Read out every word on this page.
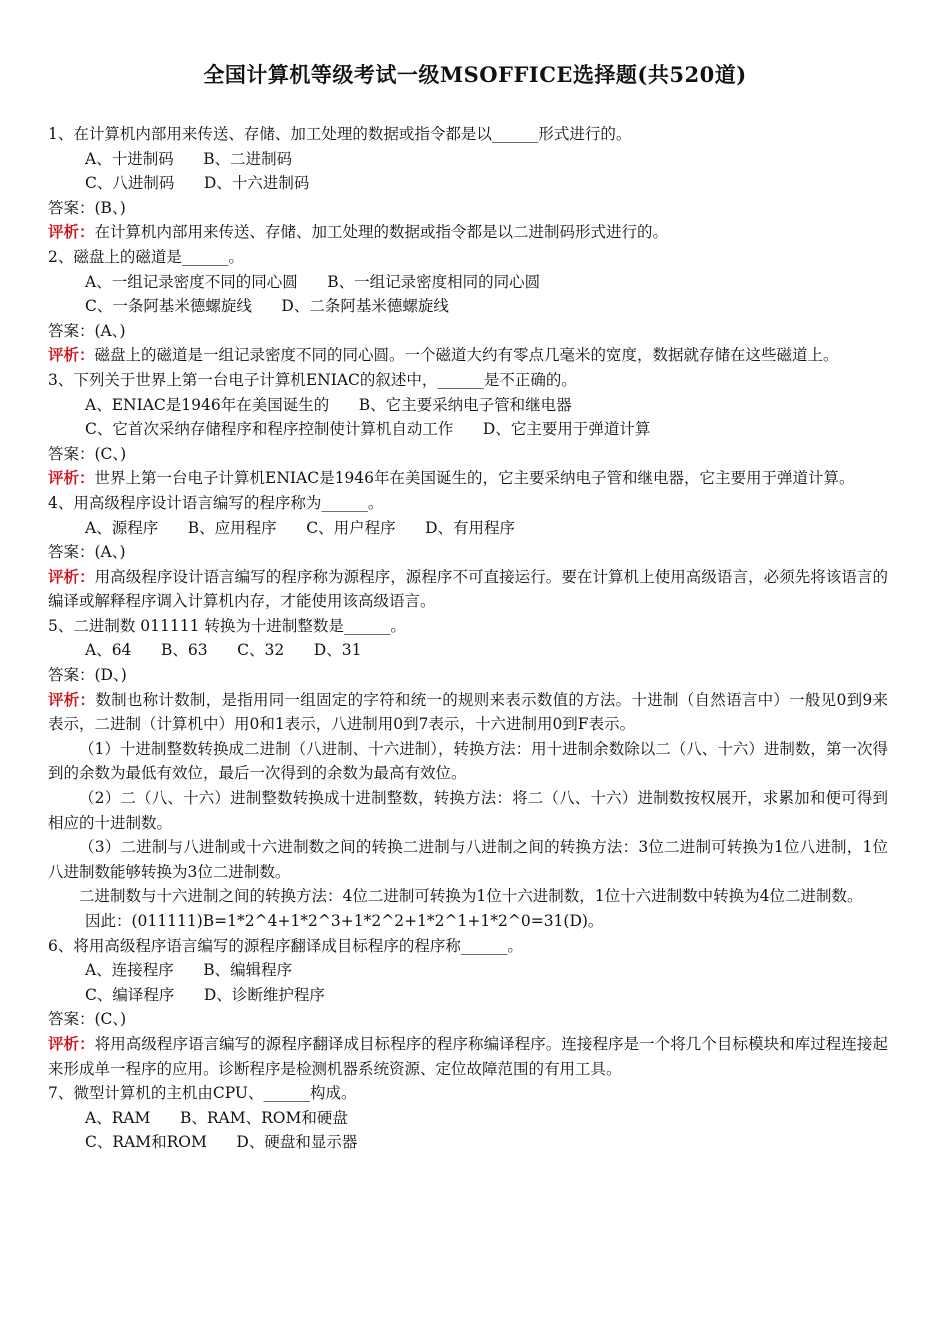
全国计算机等级考试一级MSOFFICE选择题(共520道)

1、在计算机内部用来传送、存储、加工处理的数据或指令都是以______形式进行的。

A、十进制码      B、二进制码

C、八进制码      D、十六进制码

答案：(B、)

评析：在计算机内部用来传送、存储、加工处理的数据或指令都是以二进制码形式进行的。

2、磁盘上的磁道是______。

A、一组记录密度不同的同心圆      B、一组记录密度相同的同心圆

C、一条阿基米德螺旋线      D、二条阿基米德螺旋线

答案：(A、)

评析：磁盘上的磁道是一组记录密度不同的同心圆。一个磁道大约有零点几毫米的宽度，数据就存储在这些磁道上。

3、下列关于世界上第一台电子计算机ENIAC的叙述中，______是不正确的。

A、ENIAC是1946年在美国诞生的      B、它主要采纳电子管和继电器

C、它首次采纳存储程序和程序控制使计算机自动工作      D、它主要用于弹道计算

答案：(C、)

评析：世界上第一台电子计算机ENIAC是1946年在美国诞生的，它主要采纳电子管和继电器，它主要用于弹道计算。

4、用高级程序设计语言编写的程序称为______。

A、源程序      B、应用程序      C、用户程序      D、有用程序

答案：(A、)

评析：用高级程序设计语言编写的程序称为源程序，源程序不可直接运行。要在计算机上使用高级语言，必须先将该语言的编译或解释程序调入计算机内存，才能使用该高级语言。

5、二进制数 011111 转换为十进制整数是______。

A、64      B、63      C、32      D、31

答案：(D、)

评析：数制也称计数制，是指用同一组固定的字符和统一的规则来表示数值的方法。十进制（自然语言中）一般见0到9来表示，二进制（计算机中）用0和1表示，八进制用0到7表示，十六进制用0到F表示。

（1）十进制整数转换成二进制（八进制、十六进制），转换方法：用十进制余数除以二（八、十六）进制数，第一次得到的余数为最低有效位，最后一次得到的余数为最高有效位。

（2）二（八、十六）进制整数转换成十进制整数，转换方法：将二（八、十六）进制数按权展开，求累加和便可得到相应的十进制数。

（3）二进制与八进制或十六进制数之间的转换二进制与八进制之间的转换方法：3位二进制可转换为1位八进制，1位八进制数能够转换为3位二进制数。

二进制数与十六进制之间的转换方法：4位二进制可转换为1位十六进制数，1位十六进制数中转换为4位二进制数。

因此：(011111)B=1*2^4+1*2^3+1*2^2+1*2^1+1*2^0=31(D)。

6、将用高级程序语言编写的源程序翻译成目标程序的程序称______。

A、连接程序      B、编辑程序

C、编译程序      D、诊断维护程序

答案：(C、)

评析：将用高级程序语言编写的源程序翻译成目标程序的程序称编译程序。连接程序是一个将几个目标模块和库过程连接起来形成单一程序的应用。诊断程序是检测机器系统资源、定位故障范围的有用工具。

7、微型计算机的主机由CPU、______构成。

A、RAM      B、RAM、ROM和硬盘

C、RAM和ROM      D、硬盘和显示器
